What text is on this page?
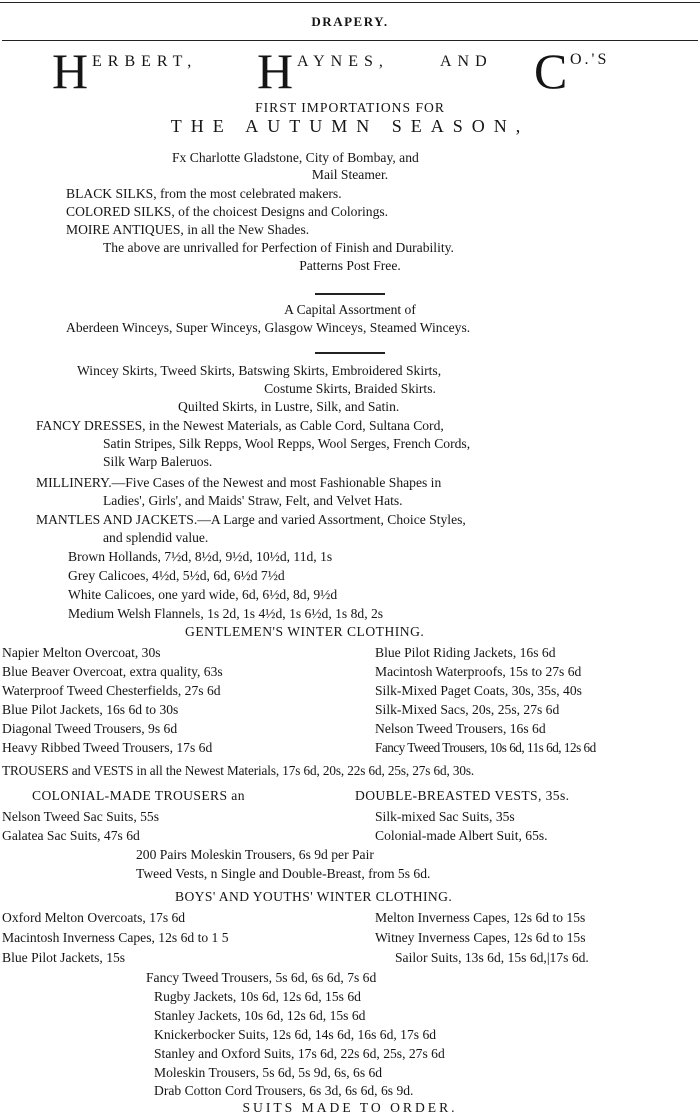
DRAPERY.
H ERBERT, H AYNES,	AND C O.'S
FIRST IMPORTATIONS FOR
THE AUTUMN SEASON,
Fx Charlotte Gladstone, City of Bombay, and
Mail Steamer.
BLACK SILKS, from the most celebrated makers.
COLORED SILKS, of the choicest Designs and Colorings.
MOIRE ANTIQUES, in all the New Shades.
The above are unrivalled for Perfection of Finish and Durability.
Patterns Post Free.
A Capital Assortment of
Aberdeen Winceys, Super Winceys, Glasgow Winceys, Steamed Winceys.
Wincey Skirts, Tweed Skirts, Batswing Skirts, Embroidered Skirts,
Costume Skirts, Braided Skirts.
Quilted Skirts, in Lustre, Silk, and Satin.
FANCY DRESSES, in the Newest Materials, as Cable Cord, Sultana Cord,
Satin Stripes, Silk Repps, Wool Repps, Wool Serges, French Cords,
Silk Warp Baleruos.
MILLINERY.—Five Cases of the Newest and most Fashionable Shapes in
Ladies', Girls', and Maids' Straw, Felt, and Velvet Hats.
MANTLES AND JACKETS.—A Large and varied Assortment, Choice Styles,
and splendid value.
Brown Hollands, 7½d, 8½d, 9½d, 10½d, 11d, 1s
Grey Calicoes, 4½d, 5½d, 6d, 6½d 7½d
White Calicoes, one yard wide, 6d, 6½d, 8d, 9½d
Medium Welsh Flannels, 1s 2d, 1s 4½d, 1s 6½d, 1s 8d, 2s
GENTLEMEN'S WINTER CLOTHING.
Napier Melton Overcoat, 30s
Blue Beaver Overcoat, extra quality, 63s
Waterproof Tweed Chesterfields, 27s 6d
Blue Pilot Jackets, 16s 6d to 30s
Diagonal Tweed Trousers, 9s 6d
Heavy Ribbed Tweed Trousers, 17s 6d
Blue Pilot Riding Jackets, 16s 6d
Macintosh Waterproofs, 15s to 27s 6d
Silk-Mixed Paget Coats, 30s, 35s, 40s
Silk-Mixed Sacs, 20s, 25s, 27s 6d
Nelson Tweed Trousers, 16s 6d
Fancy Tweed Trousers, 10s 6d, 11s 6d, 12s 6d
TROUSERS and VESTS in all the Newest Materials, 17s 6d, 20s, 22s 6d, 25s, 27s 6d, 30s.
COLONIAL-MADE TROUSERS an	DOUBLE-BREASTED VESTS, 35s.
Nelson Tweed Sac Suits, 55s
Galatea Sac Suits, 47s 6d
Silk-mixed Sac Suits, 35s
Colonial-made Albert Suit, 65s.
200 Pairs Moleskin Trousers, 6s 9d per Pair
Tweed Vests, n Single and Double-Breast, from 5s 6d.
BOYS' AND YOUTHS' WINTER CLOTHING.
Oxford Melton Overcoats, 17s 6d
Macintosh Inverness Capes, 12s 6d to 1 5
Blue Pilot Jackets, 15s
Melton Inverness Capes, 12s 6d to 15s
Witney Inverness Capes, 12s 6d to 15s
Sailor Suits, 13s 6d, 15s 6d,|17s 6d.
Fancy Tweed Trousers, 5s 6d, 6s 6d, 7s 6d
Rugby Jackets, 10s 6d, 12s 6d, 15s 6d
Stanley Jackets, 10s 6d, 12s 6d, 15s 6d
Knickerbocker Suits, 12s 6d, 14s 6d, 16s 6d, 17s 6d
Stanley and Oxford Suits, 17s 6d, 22s 6d, 25s, 27s 6d
Moleskin Trousers, 5s 6d, 5s 9d, 6s, 6s 6d
Drab Cotton Cord Trousers, 6s 3d, 6s 6d, 6s 9d.
SUITS MADE TO ORDER.
